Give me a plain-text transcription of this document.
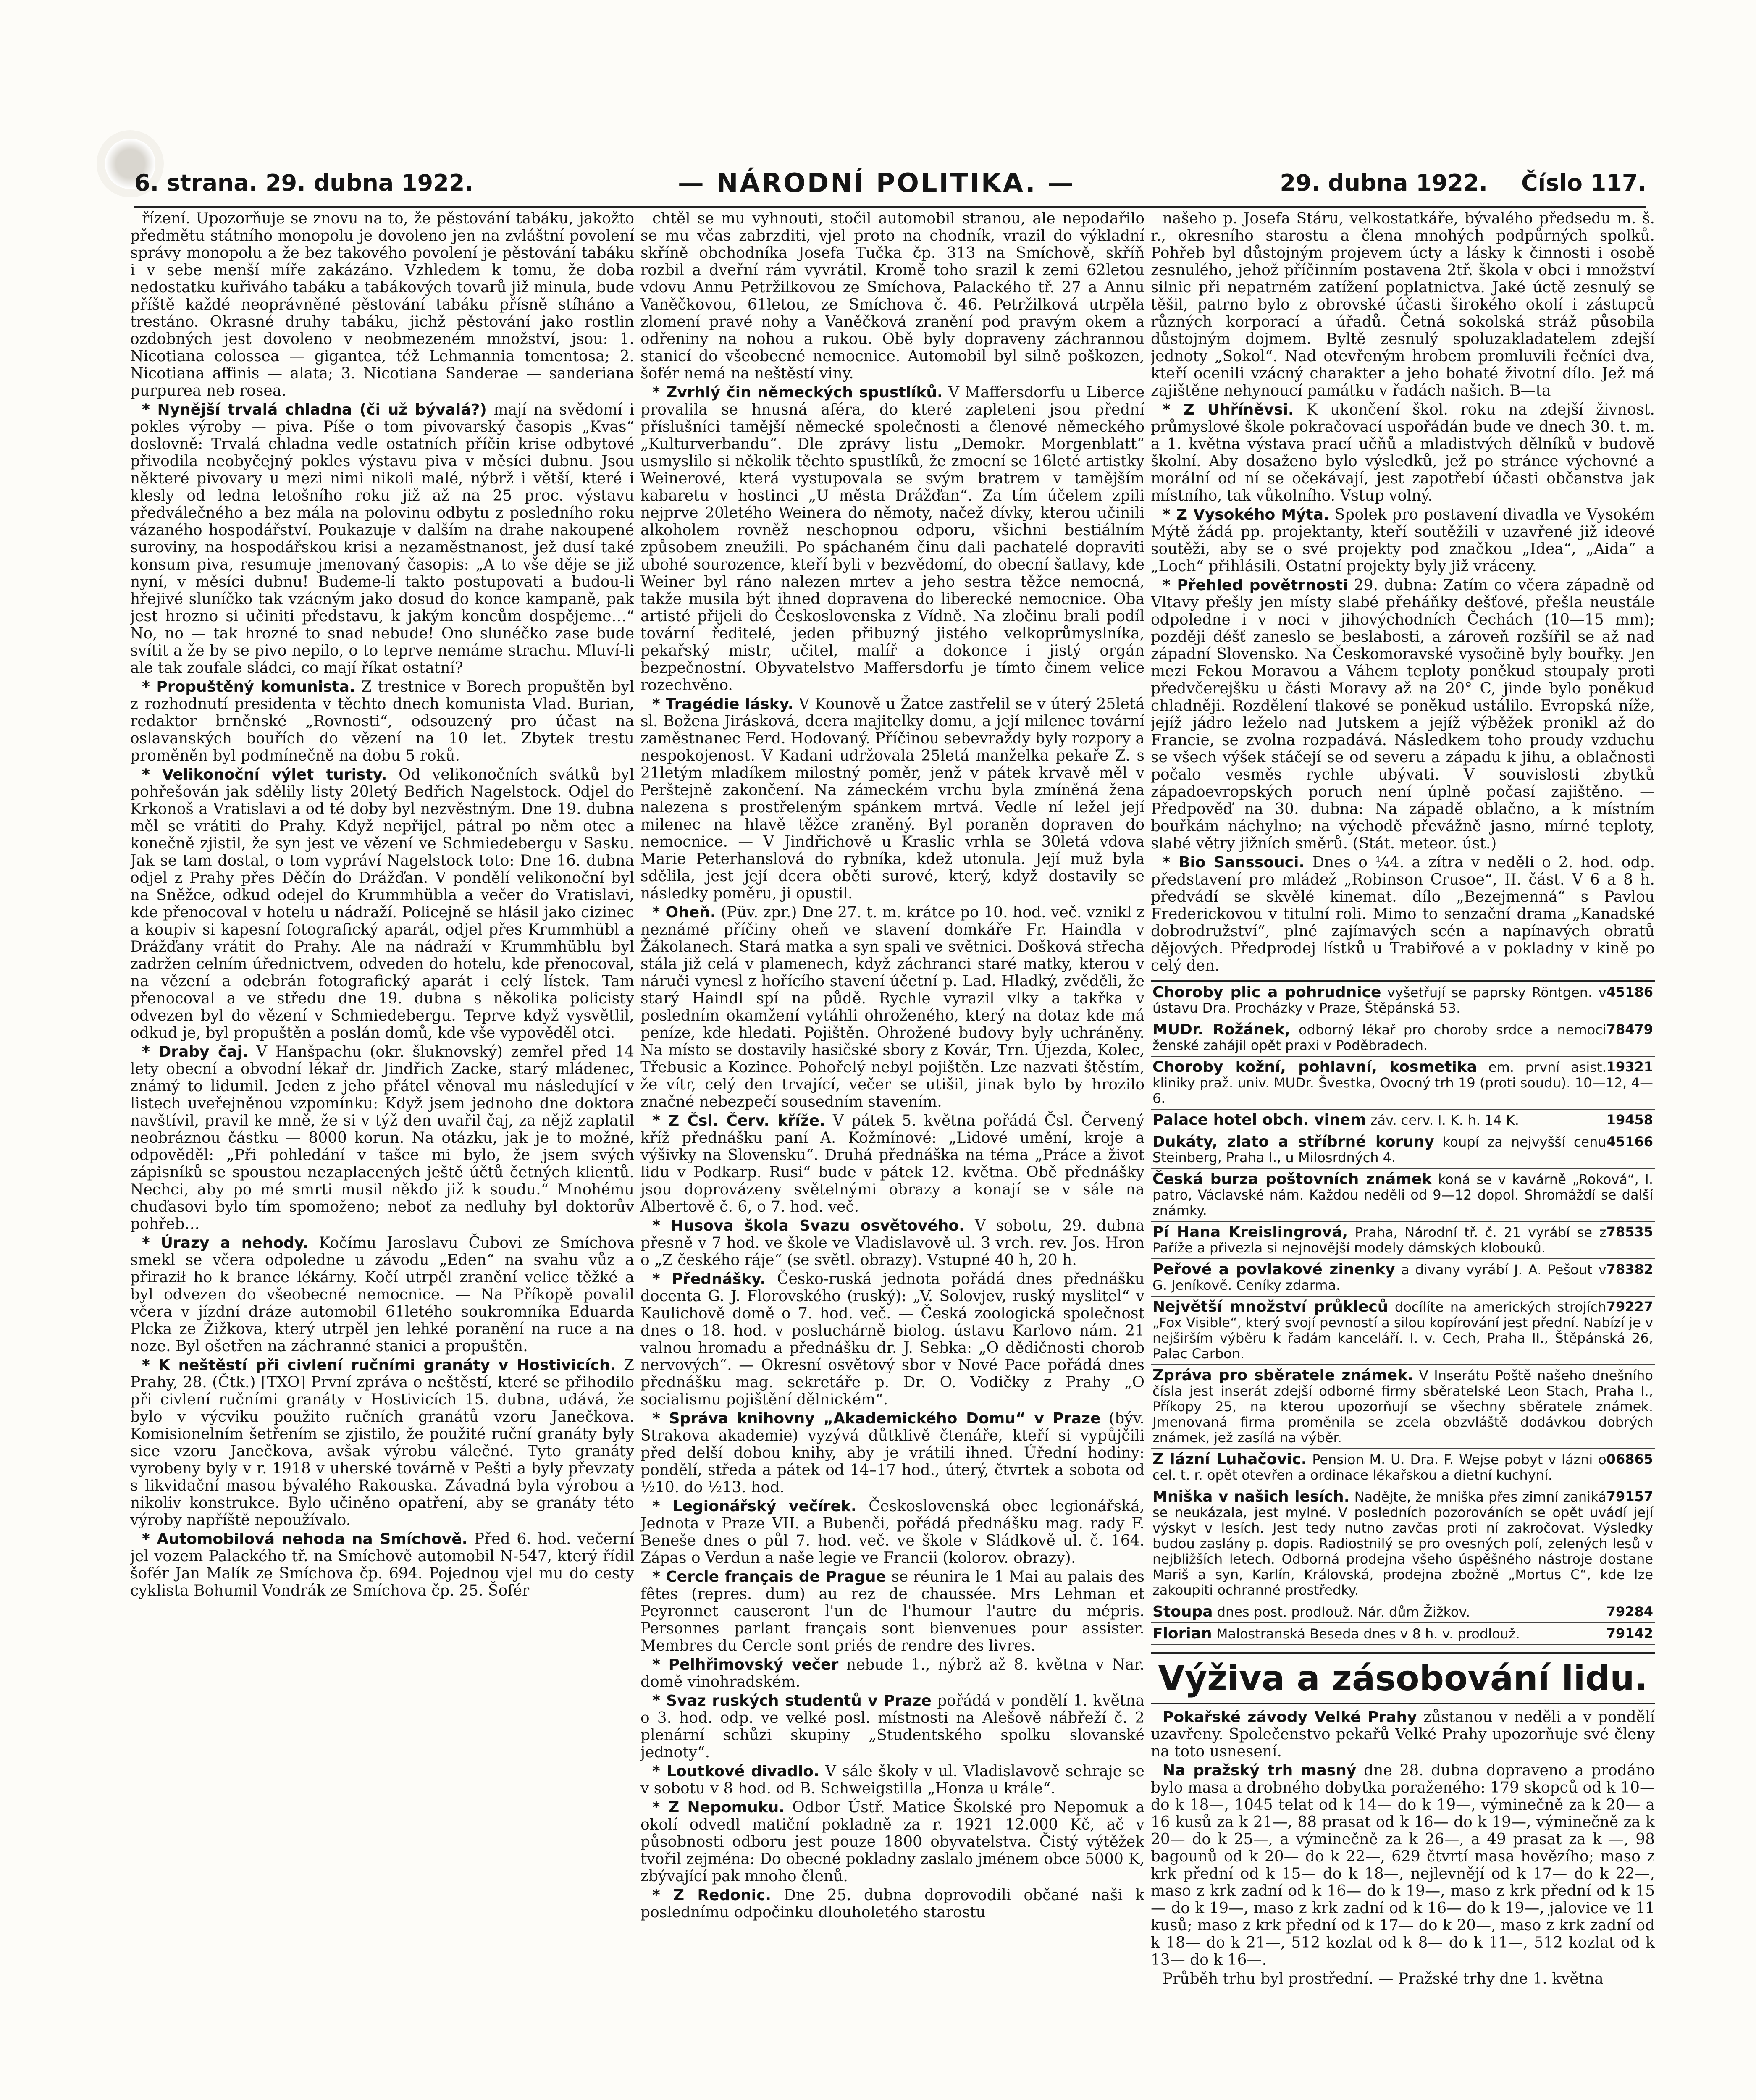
6. strana. 29. dubna 1922.	— NÁRODNÍ POLITIKA. —	29. dubna 1922. Číslo 117.

řízení. Upozorňuje se znovu na to, že pěstování tabáku, jakožto předmětu státního monopolu je dovoleno jen na zvláštní povolení správy monopolu a že bez takového povolení je pěstování tabáku i v sebe menší míře zakázáno. Vzhledem k tomu, že doba nedostatku kuřiváho tabáku a tabákových tovarů již minula, bude příště každé neoprávněné pěstování tabáku přísně stíháno a trestáno. Okrasné druhy tabáku, jichž pěstování jako rostlin ozdobných jest dovoleno v neobmezeném množství, jsou: 1. Nicotiana colossea — gigantea, též Lehmannia tomentosa; 2. Nicotiana affinis — alata; 3. Nicotiana Sanderae — sanderiana purpurea neb rosea.

* Nynější trvalá chladna (či už bývalá?) mají na svědomí i pokles výroby — piva. Píše o tom pivovarský časopis „Kvas“ doslovně: Trvalá chladna vedle ostatních příčin krise odbytové přivodila neobyčejný pokles výstavu piva v měsíci dubnu. Jsou některé pivovary u mezi nimi nikoli malé, nýbrž i větší, které i klesly od ledna letošního roku již až na 25 proc. výstavu předválečného a bez mála na polovinu odbytu z posledního roku vázaného hospodářství. Poukazuje v dalším na drahe nakoupené suroviny, na hospodářskou krisi a nezaměstnanost, jež dusí také konsum piva, resumuje jmenovaný časopis: „A to vše děje se již nyní, v měsíci dubnu! Budeme-li takto postupovati a budou-li hřejivé sluníčko tak vzácným jako dosud do konce kampaně, pak jest hrozno si učiniti představu, k jakým koncům dospějeme…“ No, no — tak hrozné to snad nebude! Ono slunéčko zase bude svítit a že by se pivo nepilo, o to teprve nemáme strachu. Mluví-li ale tak zoufale sládci, co mají říkat ostatní?

* Propuštěný komunista. Z trestnice v Borech propuštěn byl z rozhodnutí presidenta v těchto dnech komunista Vlad. Burian, redaktor brněnské „Rovnosti“, odsouzený pro účast na oslavanských bouřích do vězení na 10 let. Zbytek trestu proměněn byl podmínečně na dobu 5 roků.

* Velikonoční výlet turisty. Od velikonočních svátků byl pohřešován jak sdělily listy 20letý Bedřich Nagelstock. Odjel do Krkonoš a Vratislavi a od té doby byl nezvěstným. Dne 19. dubna měl se vrátiti do Prahy. Když nepřijel, pátral po něm otec a konečně zjistil, že syn jest ve vězení ve Schmiedebergu v Sasku. Jak se tam dostal, o tom vypráví Nagelstock toto: Dne 16. dubna odjel z Prahy přes Děčín do Drážďan. V pondělí velikonoční byl na Sněžce, odkud odejel do Krummhübla a večer do Vratislavi, kde přenocoval v hotelu u nádraží. Policejně se hlásil jako cizinec a koupiv si kapesní fotografický aparát, odjel přes Krummhübl a Drážďany vrátit do Prahy. Ale na nádraží v Krummhüblu byl zadržen celním úřednictvem, odveden do hotelu, kde přenocoval, na vězení a odebrán fotografický aparát i celý lístek. Tam přenocoval a ve středu dne 19. dubna s několika policisty odvezen byl do vězení v Schmiedebergu. Teprve když vysvětlil, odkud je, byl propuštěn a poslán domů, kde vše vypověděl otci.

* Draby čaj. V Hanšpachu (okr. šluknovský) zemřel před 14 lety obecní a obvodní lékař dr. Jindřich Zacke, starý mládenec, známý to lidumil. Jeden z jeho přátel věnoval mu následující v listech uveřejněnou vzpomínku: Když jsem jednoho dne doktora navštívil, pravil ke mně, že si v týž den uvařil čaj, za nějž zaplatil neobráznou částku — 8000 korun. Na otázku, jak je to možné, odpověděl: „Při pohledání v tašce mi bylo, že jsem svých zápisníků se spoustou nezaplacených ještě účtů četných klientů. Nechci, aby po mé smrti musil někdo již k soudu.“ Mnohému chuďasovi bylo tím spomoženo; neboť za nedluhy byl doktorův pohřeb…

* Úrazy a nehody. Kočímu Jaroslavu Čubovi ze Smíchova smekl se včera odpoledne u závodu „Eden“ na svahu vůz a přiraził ho k brance lékárny. Kočí utrpěl zranění velice těžké a byl odvezen do všeobecné nemocnice. — Na Příkopě povalil včera v jízdní dráze automobil 61letého soukromníka Eduarda Plcka ze Žižkova, který utrpěl jen lehké poranění na ruce a na noze. Byl ošetřen na záchranné stanici a propuštěn.

* K neštěstí při civlení ručními granáty v Hostivicích. Z Prahy, 28. (Čtk.) [TXO] První zpráva o neštěstí, které se přihodilo při civlení ručními granáty v Hostivicích 15. dubna, udává, že bylo v výcviku použito ručních granátů vzoru Janečkova. Komisionelním šetřením se zjistilo, že použité ruční granáty byly sice vzoru Janečkova, avšak výrobu válečné. Tyto granáty vyrobeny byly v r. 1918 v uherské továrně v Pešti a byly převzaty s likvidační masou bývalého Rakouska. Závadná byla výrobou a nikoliv konstrukce. Bylo učiněno opatření, aby se granáty této výroby napříště nepoužívalo.

* Automobilová nehoda na Smíchově. Před 6. hod. večerní jel vozem Palackého tř. na Smíchově automobil N-547, který řídil šofér Jan Malík ze Smíchova čp. 694. Pojednou vjel mu do cesty cyklista Bohumil Vondrák ze Smíchova čp. 25. Šofér

chtěl se mu vyhnouti, stočil automobil stranou, ale nepodařilo se mu včas zabrzditi, vjel proto na chodník, vrazil do výkladní skříně obchodníka Josefa Tučka čp. 313 na Smíchově, skříň rozbil a dveřní rám vyvrátil. Kromě toho srazil k zemi 62letou vdovu Annu Petržilkovou ze Smíchova, Palackého tř. 27 a Annu Vaněčkovou, 61letou, ze Smíchova č. 46. Petržilková utrpěla zlomení pravé nohy a Vaněčková zranění pod pravým okem a odřeniny na nohou a rukou. Obě byly dopraveny záchrannou stanicí do všeobecné nemocnice. Automobil byl silně poškozen, šofér nemá na neštěstí viny.

* Zvrhlý čin německých spustlíků. V Maffersdorfu u Liberce provalila se hnusná aféra, do které zapleteni jsou přední příslušníci tamější německé společnosti a členové německého „Kulturverbandu“. Dle zprávy listu „Demokr. Morgenblatt“ usmyslilo si několik těchto spustlíků, že zmocní se 16leté artistky Weinerové, která vystupovala se svým bratrem v tamějším kabaretu v hostinci „U města Drážďan“. Za tím účelem zpili nejprve 20letého Weinera do němoty, načež dívky, kterou učinili alkoholem rovněž neschopnou odporu, všichni bestiálním způsobem zneužili. Po spáchaném činu dali pachatelé dopraviti ubohé sourozence, kteří byli v bezvědomí, do obecní šatlavy, kde Weiner byl ráno nalezen mrtev a jeho sestra těžce nemocná, takže musila být ihned dopravena do liberecké nemocnice. Oba artisté přijeli do Československa z Vídně. Na zločinu brali podíl tovární ředitelé, jeden přibuzný jistého velkoprůmyslníka, pekařský mistr, učitel, malíř a dokonce i jistý orgán bezpečnostní. Obyvatelstvo Maffersdorfu je tímto činem velice rozechvěno.

* Tragédie lásky. V Kounově u Žatce zastřelil se v úterý 25letá sl. Božena Jirásková, dcera majitelky domu, a její milenec tovární zaměstnanec Ferd. Hodovaný. Příčinou sebevraždy byly rozpory a nespokojenost. V Kadani udržovala 25letá manželka pekaře Z. s 21letým mladíkem milostný poměr, jenž v pátek krvavě měl v Perštejně zakončení. Na zámeckém vrchu byla zmíněná žena nalezena s prostřeleným spánkem mrtvá. Vedle ní ležel její milenec na hlavě těžce zraněný. Byl poraněn dopraven do nemocnice. — V Jindřichově u Kraslic vrhla se 30letá vdova Marie Peterhanslová do rybníka, kdež utonula. Její muž byla sdělila, jest její dcera oběti surové, který, když dostavily se následky poměru, ji opustil.

* Oheň. (Püv. zpr.) Dne 27. t. m. krátce po 10. hod. več. vznikl z neznámé příčiny oheň ve stavení domkáře Fr. Haindla v Žákolanech. Stará matka a syn spali ve světnici. Došková střecha stála již celá v plamenech, když záchranci staré matky, kterou v náruči vynesl z hořícího stavení účetní p. Lad. Hladký, zvěděli, že starý Haindl spí na půdě. Rychle vyrazil vlky a takřka v posledním okamžení vytáhli ohroženého, který na dotaz kde má peníze, kde hledati. Pojištěn. Ohrožené budovy byly uchráněny. Na místo se dostavily hasičské sbory z Kovár, Trn. Újezda, Kolec, Třebusic a Kozince. Pohořelý nebyl pojištěn. Lze nazvati štěstím, že vítr, celý den trvající, večer se utišil, jinak bylo by hrozilo značné nebezpečí sousedním stavením.

* Z Čsl. Červ. kříže. V pátek 5. května pořádá Čsl. Červený kříž přednášku paní A. Kožmínové: „Lidové umění, kroje a výšivky na Slovensku“. Druhá přednáška na téma „Práce a život lidu v Podkarp. Rusi“ bude v pátek 12. května. Obě přednášky jsou doprovázeny světelnými obrazy a konají se v sále na Albertově č. 6, o 7. hod. več.

* Husova škola Svazu osvětového. V sobotu, 29. dubna přesně v 7 hod. ve škole ve Vladislavově ul. 3 vrch. rev. Jos. Hron o „Z českého ráje“ (se světl. obrazy). Vstupné 40 h, 20 h.

* Přednášky. Česko-ruská jednota pořádá dnes přednášku docenta G. J. Florovského (ruský): „V. Solovjev, ruský myslitel“ v Kaulichově domě o 7. hod. več. — Česká zoologická společnost dnes o 18. hod. v posluchárně biolog. ústavu Karlovo nám. 21 valnou hromadu a přednášku dr. J. Sebka: „O dědičnosti chorob nervových“. — Okresní osvětový sbor v Nové Pace pořádá dnes přednášku mag. sekretáře p. Dr. O. Vodičky z Prahy „O socialismu pojištění dělnickém“.

* Správa knihovny „Akademického Domu“ v Praze (býv. Strakova akademie) vyzývá důtklivě čtenáře, kteří si vypůjčili před delší dobou knihy, aby je vrátili ihned. Úřední hodiny: pondělí, středa a pátek od 14–17 hod., úterý, čtvrtek a sobota od ½10. do ½13. hod.

* Legionářský večírek. Československá obec legionářská, Jednota v Praze VII. a Bubenči, pořádá přednášku mag. rady F. Beneše dnes o půl 7. hod. več. ve škole v Sládkově ul. č. 164. Zápas o Verdun a naše legie ve Francii (kolorov. obrazy).

* Cercle français de Prague se réunira le 1 Mai au palais des fêtes (repres. dum) au rez de chaussée. Mrs Lehman et Peyronnet causeront l'un de l'humour l'autre du mépris. Personnes parlant français sont bienvenues pour assister. Membres du Cercle sont priés de rendre des livres.

* Pelhřimovský večer nebude 1., nýbrž až 8. května v Nar. domě vinohradském.

* Svaz ruských studentů v Praze pořádá v pondělí 1. května o 3. hod. odp. ve velké posl. místnosti na Alešově nábřeží č. 2 plenární schůzi skupiny „Studentského spolku slovanské jednoty“.

* Loutkové divadlo. V sále školy v ul. Vladislavově sehraje se v sobotu v 8 hod. od B. Schweigstilla „Honza u krále“.

* Z Nepomuku. Odbor Ústř. Matice Školské pro Nepomuk a okolí odvedl matiční pokladně za r. 1921 12.000 Kč, ač v působnosti odboru jest pouze 1800 obyvatelstva. Čistý výtěžek tvořil zejména: Do obecné pokladny zaslalo jménem obce 5000 K, zbývající pak mnoho členů.

* Z Redonic. Dne 25. dubna doprovodili občané naši k poslednímu odpočinku dlouholetého starostu

našeho p. Josefa Stáru, velkostatkáře, bývalého předsedu m. š. r., okresního starostu a člena mnohých podpůrných spolků. Pohřeb byl důstojným projevem úcty a lásky k činnosti i osobě zesnulého, jehož příčinním postavena 2tř. škola v obci i množství silnic při nepatrném zatížení poplatnictva. Jaké úctě zesnulý se těšil, patrno bylo z obrovské účasti širokého okolí i zástupců různých korporací a úřadů. Četná sokolská stráž působila důstojným dojmem. Byltě zesnulý spoluzakladatelem zdejší jednoty „Sokol“. Nad otevřeným hrobem promluvili řečníci dva, kteří ocenili vzácný charakter a jeho bohaté životní dílo. Jež má zajištěne nehynoucí památku v řadách našich. B—ta

* Z Uhříněvsi. K ukončení škol. roku na zdejší živnost. průmyslové škole pokračovací uspořádán bude ve dnech 30. t. m. a 1. května výstava prací učňů a mladistvých dělníků v budově školní. Aby dosaženo bylo výsledků, jež po stránce výchovné a morální od ní se očekávají, jest zapotřebí účasti občanstva jak místního, tak vůkolního. Vstup volný.

* Z Vysokého Mýta. Spolek pro postavení divadla ve Vysokém Mýtě žádá pp. projektanty, kteří soutěžili v uzavřené již ideové soutěži, aby se o své projekty pod značkou „Idea“, „Aida“ a „Loch“ přihlásili. Ostatní projekty byly již vráceny.

* Přehled povětrnosti 29. dubna: Zatím co včera západně od Vltavy přešly jen místy slabé přeháňky dešťové, přešla neustále odpoledne i v noci v jihovýchodních Čechách (10—15 mm); později déšť zaneslo se beslabosti, a zároveň rozšířil se až nad západní Slovensko. Na Českomoravské vysočině byly bouřky. Jen mezi Fekou Moravou a Váhem teploty poněkud stoupaly proti předvčerejšku u části Moravy až na 20° C, jinde bylo poněkud chladněji. Rozdělení tlakové se poněkud ustálilo. Evropská níže, jejíž jádro leželo nad Jutskem a jejíž výběžek pronikl až do Francie, se zvolna rozpadává. Následkem toho proudy vzduchu se všech výšek stáčejí se od severu a západu k jihu, a oblačnosti počalo vesměs rychle ubývati. V souvislosti zbytků západoevropských poruch není úplně počasí zajištěno. — Předpověď na 30. dubna: Na západě oblačno, a k místním bouřkám náchylno; na východě převážně jasno, mírné teploty, slabé větry jižních směrů. (Stát. meteor. úst.)

* Bio Sanssouci. Dnes o ¼4. a zítra v neděli o 2. hod. odp. představení pro mládež „Robinson Crusoe“, II. část. V 6 a 8 h. předvádí se skvělé kinemat. dílo „Bezejmenná“ s Pavlou Frederickovou v titulní roli. Mimo to senzační drama „Kanadské dobrodružství“, plné zajímavých scén a napínavých obratů dějových. Předprodej lístků u Trabiřové a v pokladny v kině po celý den.

45186
Choroby plic a pohrudnice vyšetřují se paprsky Röntgen. v ústavu Dra. Procházky v Praze, Štěpánská 53.
78479
MUDr. Rožánek, odborný lékař pro choroby srdce a nemoci ženské zahájil opět praxi v Poděbradech.
19321
Choroby kožní, pohlavní, kosmetika em. první asist. kliniky praž. univ. MUDr. Švestka, Ovocný trh 19 (proti soudu). 10—12, 4—6.
19458
Palace hotel obch. vinem záv. cerv. I. K. h. 14 K.
45166
Dukáty, zlato a stříbrné koruny koupí za nejvyšší cenu Steinberg, Praha I., u Milosrdných 4.
Česká burza poštovních známek koná se v kavárně „Roková“, I. patro, Václavské nám. Každou neděli od 9—12 dopol. Shromáždí se další známky.
78535
Pí Hana Kreislingrová, Praha, Národní tř. č. 21 vyrábí se z Paříže a přivezla si nejnovější modely dámských klobouků.
78382
Peřové a povlakové zinenky a divany vyrábí J. A. Pešout v G. Jeníkově. Ceníky zdarma.
79227
Největší množství průkleců docílíte na amerických strojích „Fox Visible“, který svojí pevností a silou kopírování jest přední. Nabízí je v nejširším výběru k řadám kanceláří. I. v. Cech, Praha II., Štěpánská 26, Palac Carbon.
Zpráva pro sběratele známek. V Inserátu Poště našeho dnešního čísla jest inserát zdejší odborné firmy sběratelské Leon Stach, Praha I., Příkopy 25, na kterou upozorňují se všechny sběratele známek. Jmenovaná firma proměnila se zcela obzvláště dodávkou dobrých známek, jež zasílá na výběr.
06865
Z lázní Luhačovic. Pension M. U. Dra. F. Wejse pobyt v lázni o cel. t. r. opět otevřen a ordinace lékařskou a dietní kuchyní.
79157
Mniška v našich lesích. Nadějte, že mniška přes zimní zaniká se neukázala, jest mylné. V posledních pozorováních se opět uvádí její výskyt v lesích. Jest tedy nutno zavčas proti ní zakročovat. Výsledky budou zaslány p. dopis. Radiostnilý se pro ovesných polí, zelených lesů v nejbližších letech. Odborná prodejna všeho úspěšného nástroje dostane Mariš a syn, Karlín, Královská, prodejna zbožně „Mortus C“, kde lze zakoupiti ochranné prostředky.
79284
Stoupa dnes post. prodlouž. Nár. dům Žižkov.
79142
Florian Malostranská Beseda dnes v 8 h. v. prodlouž.
Výživa a zásobování lidu.

Pokařské závody Velké Prahy zůstanou v neděli a v pondělí uzavřeny. Společenstvo pekařů Velké Prahy upozorňuje své členy na toto usnesení.

Na pražský trh masný dne 28. dubna dopraveno a prodáno bylo masa a drobného dobytka poraženého: 179 skopců od k 10— do k 18—, 1045 telat od k 14— do k 19—, výminečně za k 20— a 16 kusů za k 21—, 88 prasat od k 16— do k 19—, výminečně za k 20— do k 25—, a výminečně za k 26—, a 49 prasat za k —, 98 bagounů od k 20— do k 22—, 629 čtvrtí masa hovězího; maso z krk přední od k 15— do k 18—, nejlevnějí od k 17— do k 22—, maso z krk zadní od k 16— do k 19—, maso z krk přední od k 15— do k 19—, maso z krk zadní od k 16— do k 19—, jalovice ve 11 kusů; maso z krk přední od k 17— do k 20—, maso z krk zadní od k 18— do k 21—, 512 kozlat od k 8— do k 11—, 512 kozlat od k 13— do k 16—.

Průběh trhu byl prostřední. — Pražské trhy dne 1. května
